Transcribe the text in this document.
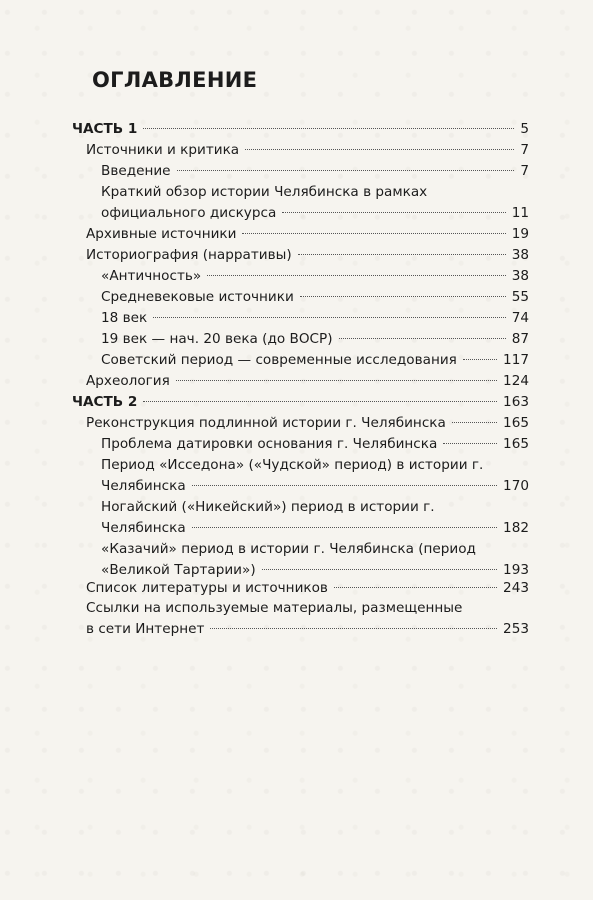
ОГЛАВЛЕНИЕ
ЧАСТЬ 1	5
Источники и критика	7
Введение	7
Краткий обзор истории Челябинска в рамках
официального дискурса	11
Архивные источники	19
Историография (нарративы)	38
«Античность»	38
Средневековые источники	55
18 век	74
19 век — нач. 20 века (до ВОСР)	87
Советский период — современные исследования	117
Археология	124
ЧАСТЬ 2	163
Реконструкция подлинной истории г. Челябинска	165
Проблема датировки основания г. Челябинска	165
Период «Исседона» («Чудской» период) в истории г.
Челябинска	170
Ногайский («Никейский») период в истории г.
Челябинска	182
«Казачий» период в истории г. Челябинска (период
«Великой Тартарии»)	193
Список литературы и источников	243
Ссылки на используемые материалы, размещенные
в сети Интернет	253
